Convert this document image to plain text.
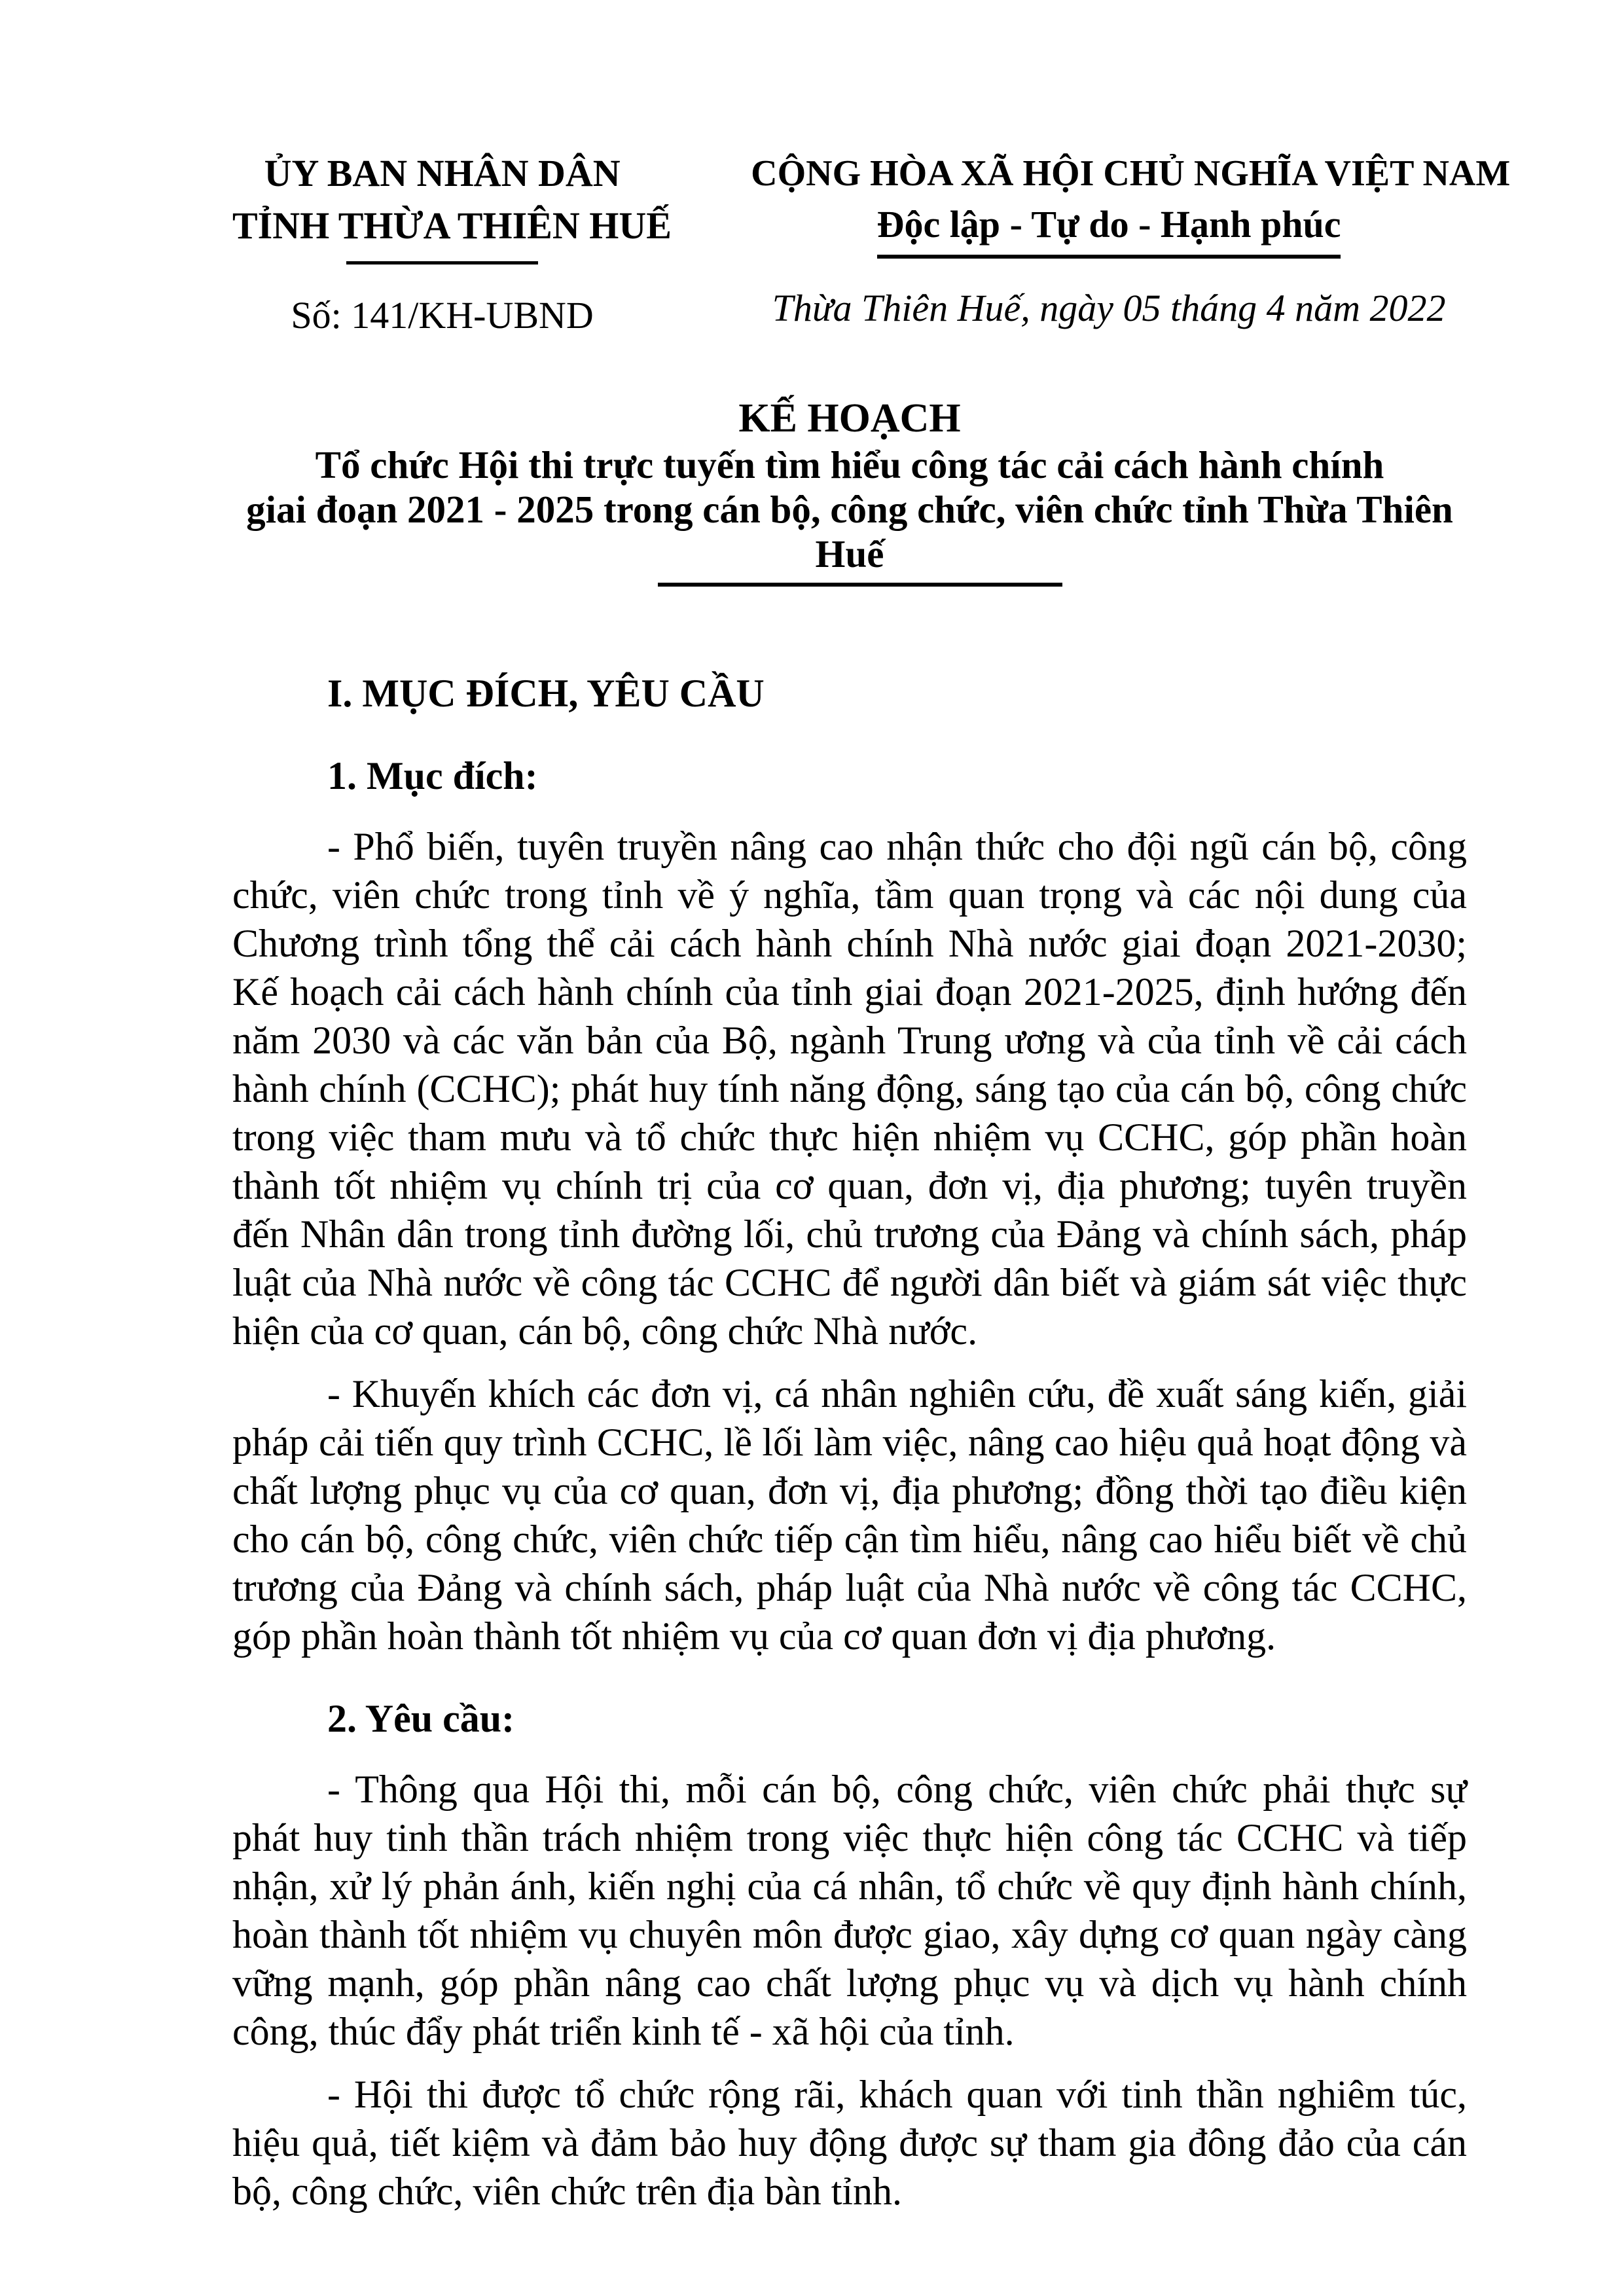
ỦY BAN NHÂN DÂN
TỈNH THỪA THIÊN HUẾ
Số: 141/KH-UBND
CỘNG HÒA XÃ HỘI CHỦ NGHĨA VIỆT NAM
Độc lập - Tự do - Hạnh phúc
Thừa Thiên Huế, ngày 05 tháng 4 năm 2022
KẾ HOẠCH
Tổ chức Hội thi trực tuyến tìm hiểu công tác cải cách hành chính
giai đoạn 2021 - 2025 trong cán bộ, công chức, viên chức tỉnh Thừa Thiên Huế
I. MỤC ĐÍCH, YÊU CẦU
1. Mục đích:

- Phổ biến, tuyên truyền nâng cao nhận thức cho đội ngũ cán bộ, công chức, viên chức trong tỉnh về ý nghĩa, tầm quan trọng và các nội dung của Chương trình tổng thể cải cách hành chính Nhà nước giai đoạn 2021-2030; Kế hoạch cải cách hành chính của tỉnh giai đoạn 2021-2025, định hướng đến năm 2030 và các văn bản của Bộ, ngành Trung ương và của tỉnh về cải cách hành chính (CCHC); phát huy tính năng động, sáng tạo của cán bộ, công chức trong việc tham mưu và tổ chức thực hiện nhiệm vụ CCHC, góp phần hoàn thành tốt nhiệm vụ chính trị của cơ quan, đơn vị, địa phương; tuyên truyền đến Nhân dân trong tỉnh đường lối, chủ trương của Đảng và chính sách, pháp luật của Nhà nước về công tác CCHC để người dân biết và giám sát việc thực hiện của cơ quan, cán bộ, công chức Nhà nước.

- Khuyến khích các đơn vị, cá nhân nghiên cứu, đề xuất sáng kiến, giải pháp cải tiến quy trình CCHC, lề lối làm việc, nâng cao hiệu quả hoạt động và chất lượng phục vụ của cơ quan, đơn vị, địa phương; đồng thời tạo điều kiện cho cán bộ, công chức, viên chức tiếp cận tìm hiểu, nâng cao hiểu biết về chủ trương của Đảng và chính sách, pháp luật của Nhà nước về công tác CCHC, góp phần hoàn thành tốt nhiệm vụ của cơ quan đơn vị địa phương.

2. Yêu cầu:

- Thông qua Hội thi, mỗi cán bộ, công chức, viên chức phải thực sự phát huy tinh thần trách nhiệm trong việc thực hiện công tác CCHC và tiếp nhận, xử lý phản ánh, kiến nghị của cá nhân, tổ chức về quy định hành chính, hoàn thành tốt nhiệm vụ chuyên môn được giao, xây dựng cơ quan ngày càng vững mạnh, góp phần nâng cao chất lượng phục vụ và dịch vụ hành chính công, thúc đẩy phát triển kinh tế - xã hội của tỉnh.

- Hội thi được tổ chức rộng rãi, khách quan với tinh thần nghiêm túc, hiệu quả, tiết kiệm và đảm bảo huy động được sự tham gia đông đảo của cán bộ, công chức, viên chức trên địa bàn tỉnh.
